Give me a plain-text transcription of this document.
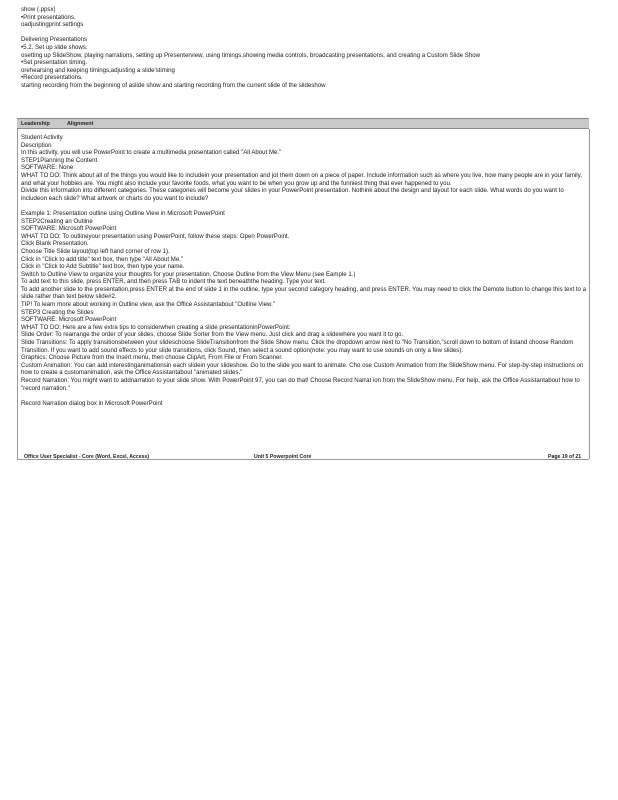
show (.ppsx)
•Print presentations.
oadjustingprint settings
Delivering Presentations
•5.2. Set up slide shows.
osetting up SlideShow, playing narrations, setting up Presenterview, using timings,showing media controls, broadcasting presentations, and creating a Custom Slide Show
•Set presentation timing.
orehearsing and keeping timings,adjusting a slide'stiming
•Record presentations.
starting recording from the beginning of aslide show and starting recording from the current slide of the slideshow
Leadership	Alignment
Student Activity
Description
In this activity, you will use PowerPoint to create a multimedia presentation called "All About Me."
STEP1Planning the Content
SOFTWARE: None
WHAT TO DO: Think about all of the things you would like to includein your presentation and jot them down on a piece of paper. Include information such as where you live, how many people are in your family, and what your hobbies are. You might also include your favorite foods, what you want to be when you grow up and the funniest thing that ever happened to you.
Divide this information into different categories. These categories will become your slides in your PowerPoint presentation. Nothink about the design and layout for each slide. What words do you want to includeon each slide? What artwork or charts do you want to include?
Example 1: Presentation outline using Outline View in Microsoft PowerPoint
STEP2Creating an Outline
SOFTWARE: Microsoft PowerPoint
WHAT TO DO: To outlineyour presentation using PowerPoint, follow these steps: Open PowerPoint.
Click Blank Presentation.
Choose Title Slide layout(top left hand corner of row 1).
Click in "Click to add title" text box, then type "All About Me."
Click in "Click to Add Subtitle" text box, then type your name.
Switch to Outline View to organize your thoughts for your presentation. Choose Outline from the View Menu (see Eample 1.)
To add text to this slide, press ENTER, and then press TAB to indent the text beneaththe heading. Type your text.
To add another slide to the presentation,press ENTER at the end of slide 1 in the outline, type your second category heading, and press ENTER. You may need to click the Demote button to change this text to a slide rather than text below slide#2.
TIP! To learn more about working in Outline view, ask the Office Assistantabout "Outline View."
STEP3 Creating the Slides
SOFTWARE: Microsoft PowerPoint
WHAT TO DO: Here are a few extra tips to considerwhen creating a slide presentationinPowerPoint:
Slide Order: To rearrange the order of your slides, choose Slide Sorter from the View menu. Just click and drag a slidewhere you want it to go.
Slide Transitions: To apply transitionsbetween your slideschoose SlideTransitionfrom the Slide Show menu. Click the dropdown arrow next to "No Transition,"scroll down to bottom of listand choose Random Transition. If you want to add sound effects to your slide transitions, click Sound, then select a sound option(note: you may want to use sounds on only a few slides).
Graphics: Choose Picture from the Insert menu, then choose ClipArt, From File or From Scanner.
Custom Animation: You can add interestinganimationsin each slidein your slideshow. Go to the slide you want to animate. Cho ose Custom Animation from the SlideShow menu. For step-by-step instructions on how to create a customanimation, ask the Office Assistantabout "animated slides."
Record Narration: You might want to addnarration to your slide show. With PowerPoint 97, you can do that! Choose Record Narrat ion from the SlideShow menu. For help, ask the Office Assistantabout how to "record narration."
Record Narration dialog box in Microsoft PowerPoint
Office User Specialist - Core (Word, Excel, Access)	Unit 5 Powerpoint Core	Page 19 of 21
